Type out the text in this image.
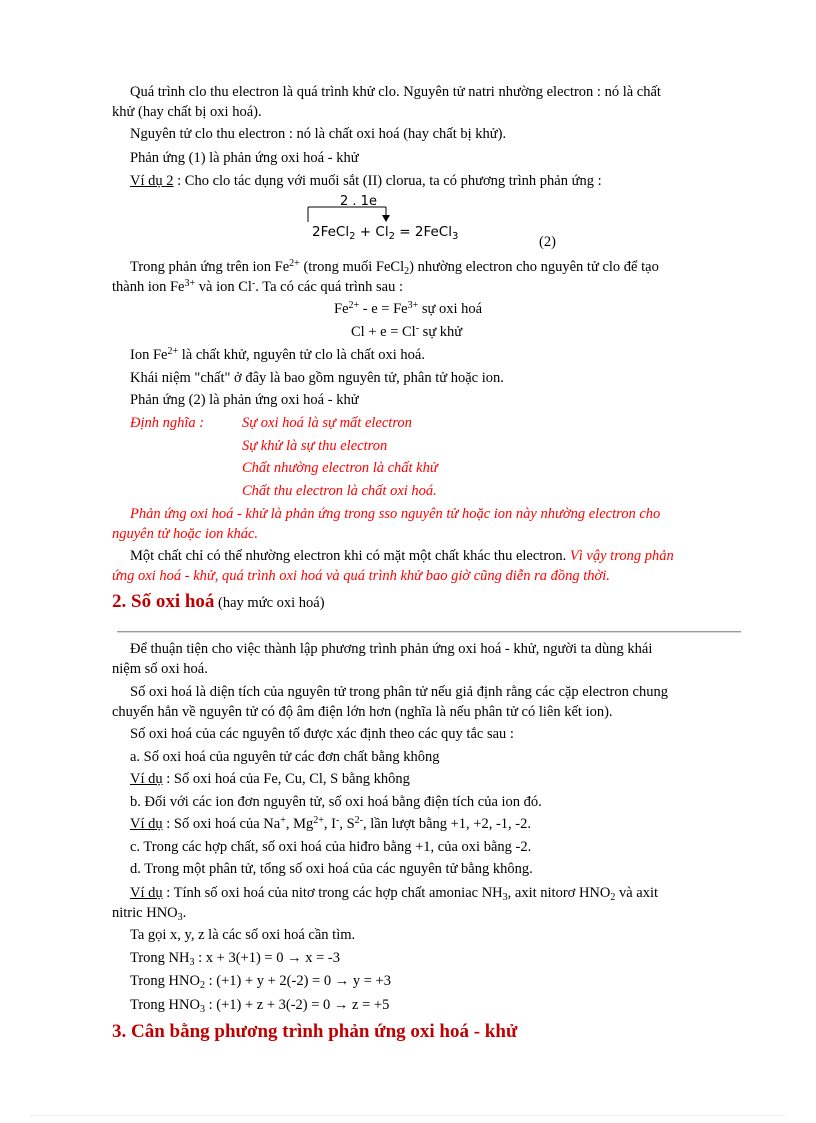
Quá trình clo thu electron là quá trình khử clo. Nguyên tử natri nhường electron : nó là chất
khử (hay chất bị oxi hoá).
Nguyên tử clo thu electron : nó là chất oxi hoá (hay chất bị khử).
Phản ứng (1) là phản ứng oxi hoá - khử
Ví dụ 2 : Cho clo tác dụng với muối sắt (II) clorua, ta có phương trình phản ứng :
2 . 1e
2FeCl$_2$ + $Cl_2$ = 2FeCl$_3$	(2)
Trong phản ứng trên ion $Fe^{2+}$ (trong muối FeCl$_2$) nhường electron cho nguyên tử clo để tạo
thành ion $Fe^{3+}$ và ion Cl-. Ta có các quá trình sau :
$Fe^{2+} - e = Fe^{3+}$ sự oxi hoá
Cl + e = Cl- sự khử
Ion $Fe^{2+}$ là chất khử, nguyên tử clo là chất oxi hoá.
Khái niệm "chất" ở đây là bao gồm nguyên tử, phân tử hoặc ion.
Phản ứng (2) là phản ứng oxi hoá - khử
Định nghĩa :	Sự oxi hoá là sự mất electron
Sự khử là sự thu electron
Chất nhường electron là chất khử
Chất thu electron là chất oxi hoá.
Phản ứng oxi hoá - khử là phản ứng trong sso nguyên tử hoặc ion này nhường electron cho
nguyên tử hoặc ion khác.
Một chất chỉ có thể nhường electron khi có mặt một chất khác thu electron. Vì vậy trong phản
ứng oxi hoá - khử, quá trình oxi hoá và quá trình khử bao giờ cũng diễn ra đồng thời.
2. Số oxi hoá (hay mức oxi hoá)
Để thuận tiện cho việc thành lập phương trình phản ứng oxi hoá - khử, người ta dùng khái
niệm số oxi hoá.
Số oxi hoá là diện tích của nguyên tử trong phân tử nếu giả định rằng các cặp electron chung
chuyển hẳn về nguyên tử có độ âm điện lớn hơn (nghĩa là nếu phân tử có liên kết ion).
Số oxi hoá của các nguyên tố được xác định theo các quy tắc sau :
a. Số oxi hoá của nguyên tử các đơn chất bằng không
Ví dụ : Số oxi hoá của Fe, Cu, Cl, S bằng không
b. Đối với các ion đơn nguyên tử, số oxi hoá bằng điện tích của ion đó.
Ví dụ : Số oxi hoá của Na+, $Mg^{2+}$, I-, $S^{2-}$, lần lượt bằng +1, +2, -1, -2.
c. Trong các hợp chất, số oxi hoá của hiđro bằng +1, của oxi bằng -2.
d. Trong một phân tử, tổng số oxi hoá của các nguyên tử bằng không.
Ví dụ : Tính số oxi hoá của nitơ trong các hợp chất amoniac $NH_3$, axit nitorơ $HNO_2$ và axit
nitric $HNO_3$.
Ta gọi x, y, z là các số oxi hoá cần tìm.
Trong $NH_3$ : x + 3(+1) = 0 → x = -3
Trong $HNO_2$ : (+1) + y + 2(-2) = 0 → y = +3
Trong $HNO_3$ : (+1) + z + 3(-2) = 0 → z = +5
3. Cân bằng phương trình phản ứng oxi hoá - khử
